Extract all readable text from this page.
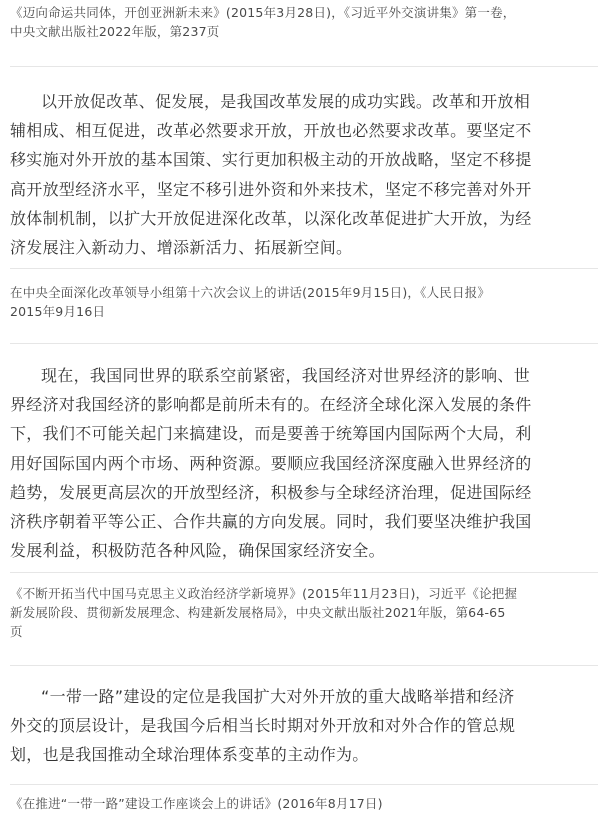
《迈向命运共同体，开创亚洲新未来》(2015年3月28日)，《习近平外交演讲集》第一卷，
中央文献出版社2022年版，第237页
以开放促改革、促发展，是我国改革发展的成功实践。改革和开放相
辅相成、相互促进，改革必然要求开放，开放也必然要求改革。要坚定不
移实施对外开放的基本国策、实行更加积极主动的开放战略，坚定不移提
高开放型经济水平，坚定不移引进外资和外来技术，坚定不移完善对外开
放体制机制，以扩大开放促进深化改革，以深化改革促进扩大开放，为经
济发展注入新动力、增添新活力、拓展新空间。
在中央全面深化改革领导小组第十六次会议上的讲话(2015年9月15日)，《人民日报》
2015年9月16日
现在，我国同世界的联系空前紧密，我国经济对世界经济的影响、世
界经济对我国经济的影响都是前所未有的。在经济全球化深入发展的条件
下，我们不可能关起门来搞建设，而是要善于统筹国内国际两个大局，利
用好国际国内两个市场、两种资源。要顺应我国经济深度融入世界经济的
趋势，发展更高层次的开放型经济，积极参与全球经济治理，促进国际经
济秩序朝着平等公正、合作共赢的方向发展。同时，我们要坚决维护我国
发展利益，积极防范各种风险，确保国家经济安全。
《不断开拓当代中国马克思主义政治经济学新境界》(2015年11月23日)，习近平《论把握
新发展阶段、贯彻新发展理念、构建新发展格局》，中央文献出版社2021年版，第64-65
页
“一带一路”建设的定位是我国扩大对外开放的重大战略举措和经济
外交的顶层设计，是我国今后相当长时期对外开放和对外合作的管总规
划，也是我国推动全球治理体系变革的主动作为。
《在推进“一带一路”建设工作座谈会上的讲话》(2016年8月17日)
